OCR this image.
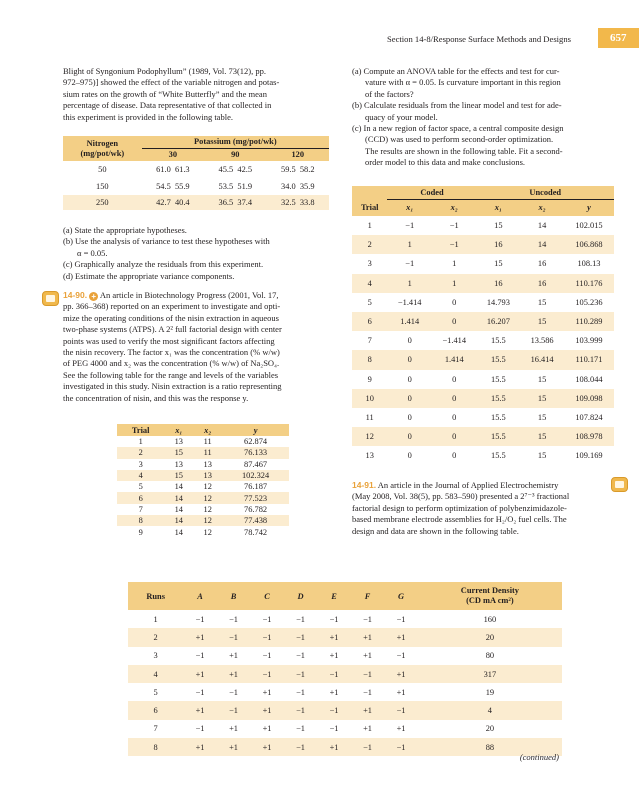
Section 14-8/Response Surface Methods and Designs	657
Blight of Syngonium Podophyllum” (1989, Vol. 73(12), pp.
972–975)] showed the effect of the variable nitrogen and potas-
sium rates on the growth of “White Butterfly” and the mean
percentage of disease. Data representative of that collected in
this experiment is provided in the following table.
Nitrogen
(mg/pot/wk)	Potassium (mg/pot/wk)		
	30	90	120
50	61.0 61.3	45.5 42.5	59.5 58.2
150	54.5 55.9	53.5 51.9	34.0 35.9
250	42.7 40.4	36.5 37.4	32.5 33.8
(a) State the appropriate hypotheses.
(b) Use the analysis of variance to test these hypotheses with
α = 0.05.
(c) Graphically analyze the residuals from this experiment.
(d) Estimate the appropriate variance components.
14-90. + An article in Biotechnology Progress (2001, Vol. 17,
pp. 366–368) reported on an experiment to investigate and opti-
mize the operating conditions of the nisin extraction in aqueous
two-phase systems (ATPS). A 2² full factorial design with center
points was used to verify the most significant factors affecting
the nisin recovery. The factor x₁ was the concentration (% w/w)
of PEG 4000 and x₂ was the concentration (% w/w) of Na₂SO₄.
See the following table for the range and levels of the variables
investigated in this study. Nisin extraction is a ratio representing
the concentration of nisin, and this was the response y.
Trial	x₁	x₂	y
1	13	11	62.874
2	15	11	76.133
3	13	13	87.467
4	15	13	102.324
5	14	12	76.187
6	14	12	77.523
7	14	12	76.782
8	14	12	77.438
9	14	12	78.742
(a) Compute an ANOVA table for the effects and test for cur-
vature with α = 0.05. Is curvature important in this region
of the factors?
(b) Calculate residuals from the linear model and test for ade-
quacy of your model.
(c) In a new region of factor space, a central composite design
(CCD) was used to perform second-order optimization.
The results are shown in the following table. Fit a second-
order model to this data and make conclusions.
	Coded		Uncoded		
Trial	x₁	x₂	x₁	x₂	y
1	−1	−1	15	14	102.015
2	1	−1	16	14	106.868
3	−1	1	15	16	108.13
4	1	1	16	16	110.176
5	−1.414	0	14.793	15	105.236
6	1.414	0	16.207	15	110.289
7	0	−1.414	15.5	13.586	103.999
8	0	1.414	15.5	16.414	110.171
9	0	0	15.5	15	108.044
10	0	0	15.5	15	109.098
11	0	0	15.5	15	107.824
12	0	0	15.5	15	108.978
13	0	0	15.5	15	109.169
14-91. An article in the Journal of Applied Electrochemistry
(May 2008, Vol. 38(5), pp. 583–590) presented a 2⁷⁻³ fractional
factorial design to perform optimization of polybenzimidazole-
based membrane electrode assemblies for H₂/O₂ fuel cells. The
design and data are shown in the following table.
Runs	A	B	C	D	E	F	G	Current Density
(CD mA cm²)

1	−1	−1	−1	−1	−1	−1	−1	160
2	+1	−1	−1	−1	+1	+1	+1	20
3	−1	+1	−1	−1	+1	+1	−1	80
4	+1	+1	−1	−1	−1	−1	+1	317
5	−1	−1	+1	−1	+1	−1	+1	19
6	+1	−1	+1	−1	−1	+1	−1	4
7	−1	+1	+1	−1	−1	+1	+1	20
8	+1	+1	+1	−1	+1	−1	−1	88
(continued)
